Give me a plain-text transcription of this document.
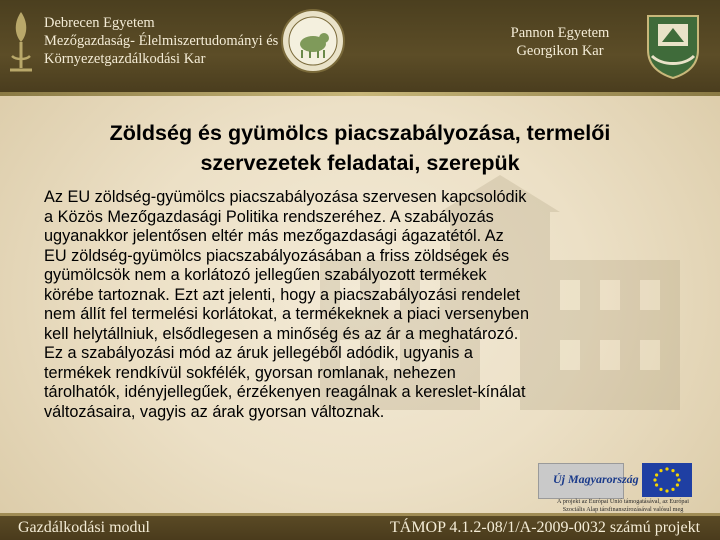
Debrecen Egyetem
Mezőgazdaság- Élelmiszertudományi és
Környezetgazdálkodási Kar
Pannon Egyetem
Georgikon Kar
Zöldség és gyümölcs piacszabályozása, termelői
szervezetek feladatai, szerepük
Az EU zöldség-gyümölcs piacszabályozása szervesen kapcsolódik
a Közös Mezőgazdasági Politika rendszeréhez. A szabályozás
ugyanakkor jelentősen eltér más mezőgazdasági ágazatétól. Az
EU zöldség-gyümölcs piacszabályozásában a friss zöldségek és
gyümölcsök nem a korlátozó jellegűen szabályozott termékek
körébe tartoznak. Ezt azt jelenti, hogy a piacszabályozási rendelet
nem állít fel termelési korlátokat, a termékeknek a piaci versenyben
kell helytállniuk, elsődlegesen a minőség és az ár a meghatározó.
Ez a szabályozási mód az áruk jellegéből adódik, ugyanis a
termékek rendkívül sokfélék, gyorsan romlanak, nehezen
tárolhatók, idényjellegűek, érzékenyen reagálnak a kereslet-kínálat
változásaira, vagyis az árak gyorsan változnak.
Új Magyarország
A projekt az Európai Unió támogatásával, az Európai
Szociális Alap társfinanszírozásával valósul meg
Gazdálkodási modul	TÁMOP 4.1.2-08/1/A-2009-0032 számú projekt
